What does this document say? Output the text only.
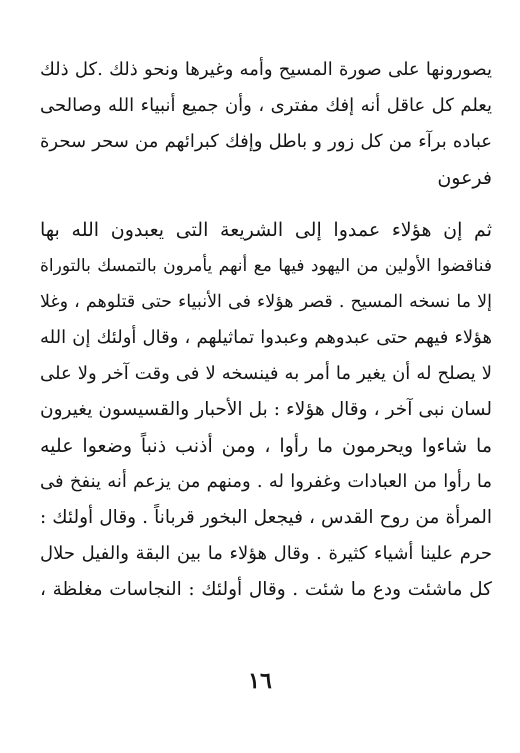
يصورونها على صورة المسيح وأمه وغيرها ونحو ذلك .كل ذلك
يعلم كل عاقل أنه إفك مفترى ، وأن جميع أنبياء الله وصالحى
عباده برآء من كل زور و باطل وإفك كبرائهم من سحر سحرة
فرعون
ثم إن هؤلاء عمدوا إلى الشريعة التى يعبدون الله بها
فناقضوا الأولين من اليهود فيها مع أنهم يأمرون بالتمسك بالتوراة
إلا ما نسخه المسيح . قصر هؤلاء فى الأنبياء حتى قتلوهم ، وغلا
هؤلاء فيهم حتى عبدوهم وعبدوا تماثيلهم ، وقال أولئك إن الله
لا يصلح له أن يغير ما أمر به فينسخه لا فى وقت آخر ولا على
لسان نبى آخر ، وقال هؤلاء : بل الأحبار والقسيسون يغيرون
ما شاءوا ويحرمون ما رأوا ، ومن أذنب ذنباً وضعوا عليه
ما رأوا من العبادات وغفروا له . ومنهم من يزعم أنه ينفخ فى
المرأة من روح القدس ، فيجعل البخور قرباناً . وقال أولئك :
حرم علينا أشياء كثيرة . وقال هؤلاء ما بين البقة والفيل حلال
كل ماشئت ودع ما شئت . وقال أولئك : النجاسات مغلظة ،
١٦
